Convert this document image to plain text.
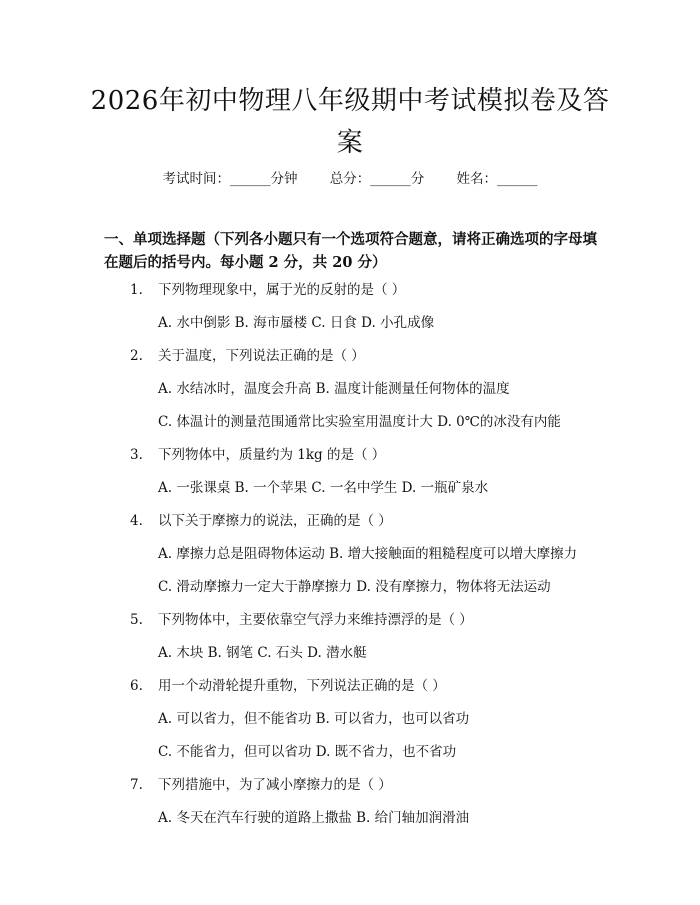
2026年初中物理八年级期中考试模拟卷及答案
考试时间：______分钟 总分：______分 姓名：______
一、单项选择题（下列各小题只有一个选项符合题意，请将正确选项的字母填在题后的括号内。每小题 2 分，共 20 分）
1. 下列物理现象中，属于光的反射的是（ ）
A. 水中倒影 B. 海市蜃楼 C. 日食 D. 小孔成像
2. 关于温度，下列说法正确的是（ ）
A. 水结冰时，温度会升高 B. 温度计能测量任何物体的温度
C. 体温计的测量范围通常比实验室用温度计大 D. 0℃的冰没有内能
3. 下列物体中，质量约为 1kg 的是（ ）
A. 一张课桌 B. 一个苹果 C. 一名中学生 D. 一瓶矿泉水
4. 以下关于摩擦力的说法，正确的是（ ）
A. 摩擦力总是阻碍物体运动 B. 增大接触面的粗糙程度可以增大摩擦力
C. 滑动摩擦力一定大于静摩擦力 D. 没有摩擦力，物体将无法运动
5. 下列物体中，主要依靠空气浮力来维持漂浮的是（ ）
A. 木块 B. 钢笔 C. 石头 D. 潜水艇
6. 用一个动滑轮提升重物，下列说法正确的是（ ）
A. 可以省力，但不能省功 B. 可以省力，也可以省功
C. 不能省力，但可以省功 D. 既不省力，也不省功
7. 下列措施中，为了减小摩擦力的是（ ）
A. 冬天在汽车行驶的道路上撒盐 B. 给门轴加润滑油
